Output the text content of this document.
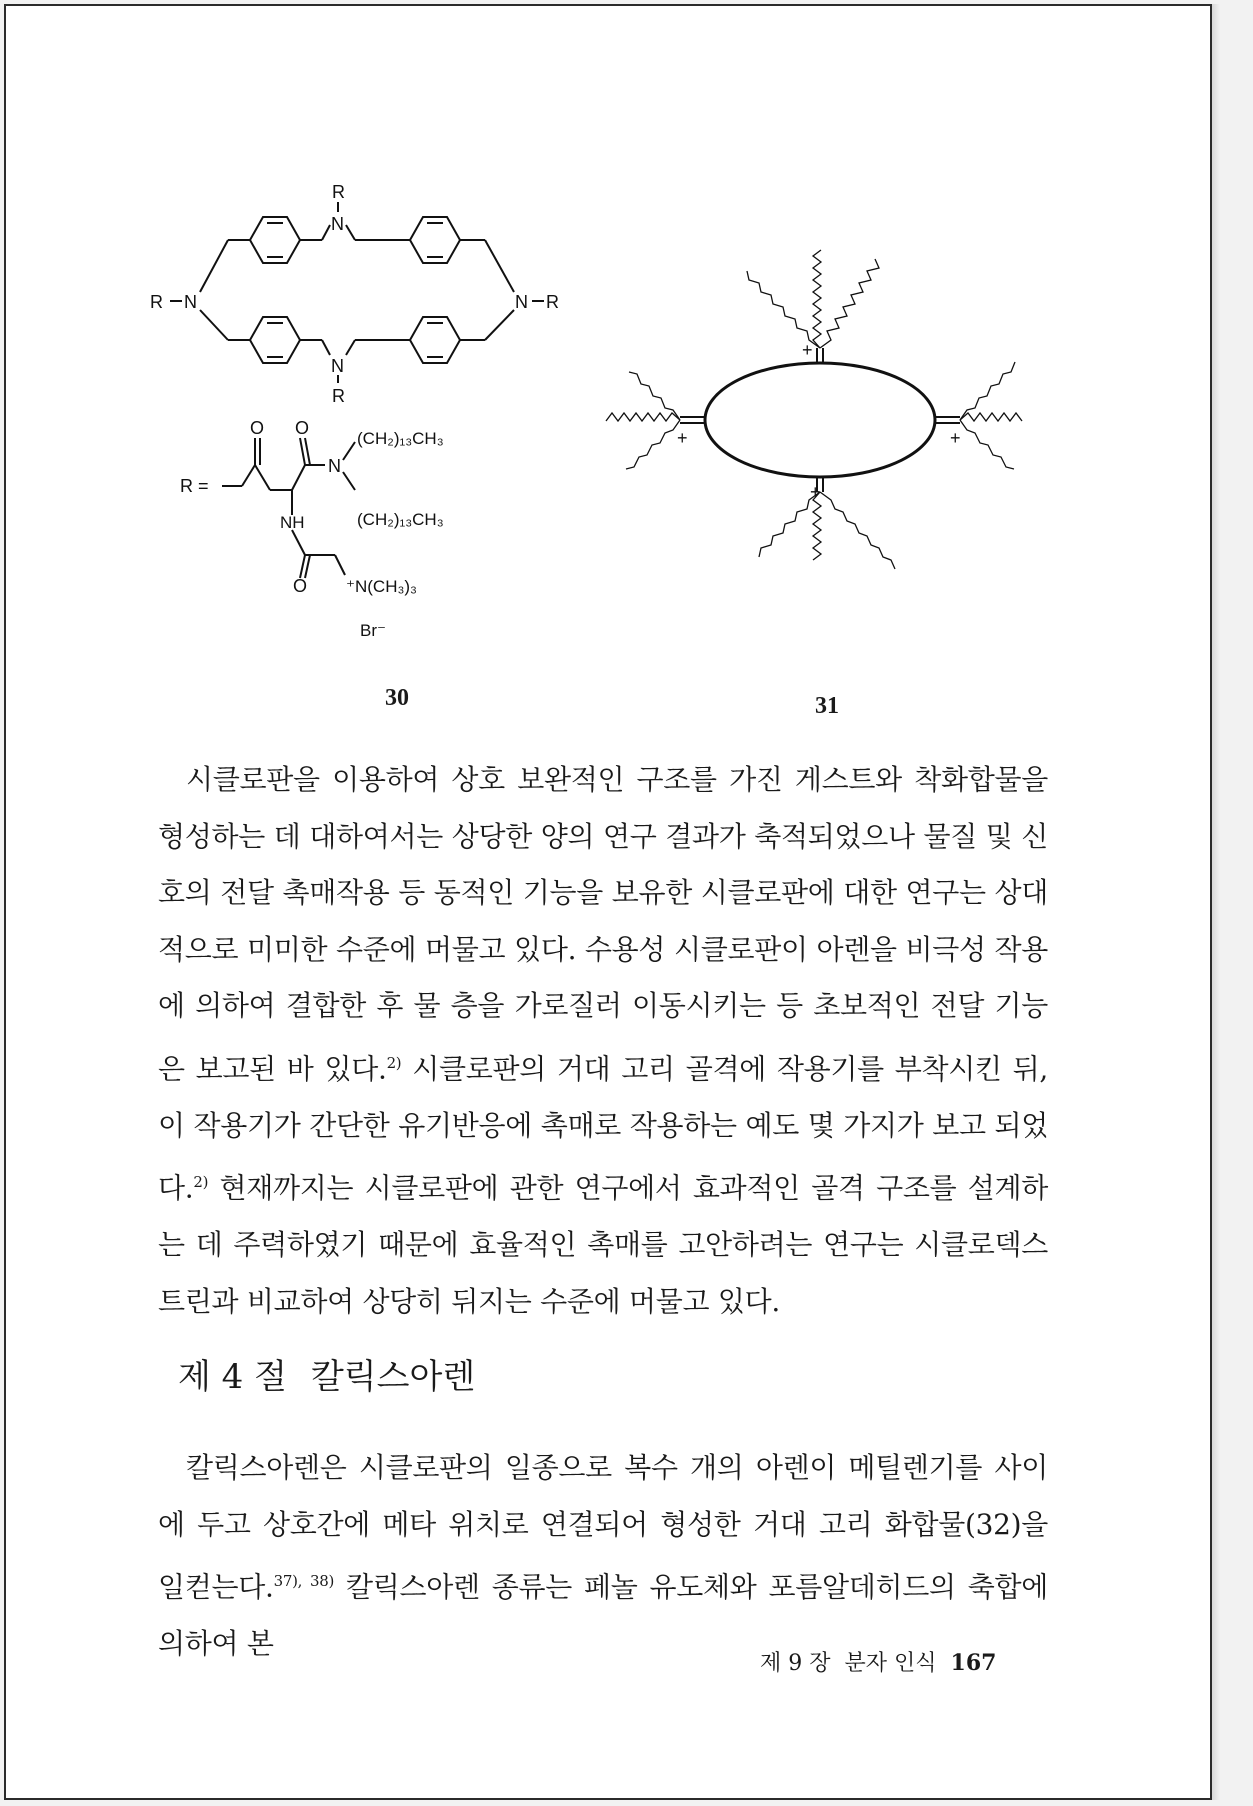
R
N
R N	N R
N
R
R =
O O
N
(CH₂)₁₃CH₃
NH	(CH₂)₁₃CH₃
O ⁺N(CH₃)₃
Br⁻
30
+
+	+
+
31
시클로판을 이용하여 상호 보완적인 구조를 가진 게스트와 착화합물을 형성하는 데 대하여서는 상당한 양의 연구 결과가 축적되었으나 물질 및 신호의 전달 촉매작용 등 동적인 기능을 보유한 시클로판에 대한 연구는 상대적으로 미미한 수준에 머물고 있다. 수용성 시클로판이 아렌을 비극성 작용에 의하여 결합한 후 물 층을 가로질러 이동시키는 등 초보적인 전달 기능은 보고된 바 있다.$^{2)}$ 시클로판의 거대 고리 골격에 작용기를 부착시킨 뒤, 이 작용기가 간단한 유기반응에 촉매로 작용하는 예도 몇 가지가 보고 되었다.$^{2)}$ 현재까지는 시클로판에 관한 연구에서 효과적인 골격 구조를 설계하는 데 주력하였기 때문에 효율적인 촉매를 고안하려는 연구는 시클로덱스트린과 비교하여 상당히 뒤지는 수준에 머물고 있다.
제 4 절 칼릭스아렌
칼릭스아렌은 시클로판의 일종으로 복수 개의 아렌이 메틸렌기를 사이에 두고 상호간에 메타 위치로 연결되어 형성한 거대 고리 화합물(32)을 일컫는다.$^{37), 38)}$ 칼릭스아렌 종류는 페놀 유도체와 포름알데히드의 축합에 의하여 본
제 9 장 분자 인식 167
